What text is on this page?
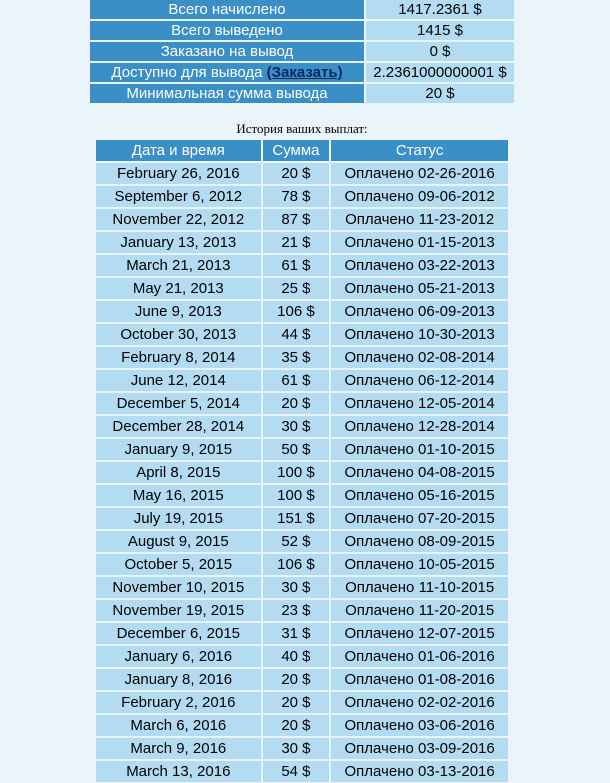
Всего начислено	1417.2361 $
Всего выведено	1415 $
Заказано на вывод	0 $
Доступно для вывода (Заказать)	2.2361000000001 $
Минимальная сумма вывода	20 $
История ваших выплат:
Дата и время	Сумма	Статус
February 26, 2016	20 $	Оплачено 02-26-2016
September 6, 2012	78 $	Оплачено 09-06-2012
November 22, 2012	87 $	Оплачено 11-23-2012
January 13, 2013	21 $	Оплачено 01-15-2013
March 21, 2013	61 $	Оплачено 03-22-2013
May 21, 2013	25 $	Оплачено 05-21-2013
June 9, 2013	106 $	Оплачено 06-09-2013
October 30, 2013	44 $	Оплачено 10-30-2013
February 8, 2014	35 $	Оплачено 02-08-2014
June 12, 2014	61 $	Оплачено 06-12-2014
December 5, 2014	20 $	Оплачено 12-05-2014
December 28, 2014	30 $	Оплачено 12-28-2014
January 9, 2015	50 $	Оплачено 01-10-2015
April 8, 2015	100 $	Оплачено 04-08-2015
May 16, 2015	100 $	Оплачено 05-16-2015
July 19, 2015	151 $	Оплачено 07-20-2015
August 9, 2015	52 $	Оплачено 08-09-2015
October 5, 2015	106 $	Оплачено 10-05-2015
November 10, 2015	30 $	Оплачено 11-10-2015
November 19, 2015	23 $	Оплачено 11-20-2015
December 6, 2015	31 $	Оплачено 12-07-2015
January 6, 2016	40 $	Оплачено 01-06-2016
January 8, 2016	20 $	Оплачено 01-08-2016
February 2, 2016	20 $	Оплачено 02-02-2016
March 6, 2016	20 $	Оплачено 03-06-2016
March 9, 2016	30 $	Оплачено 03-09-2016
March 13, 2016	54 $	Оплачено 03-13-2016
